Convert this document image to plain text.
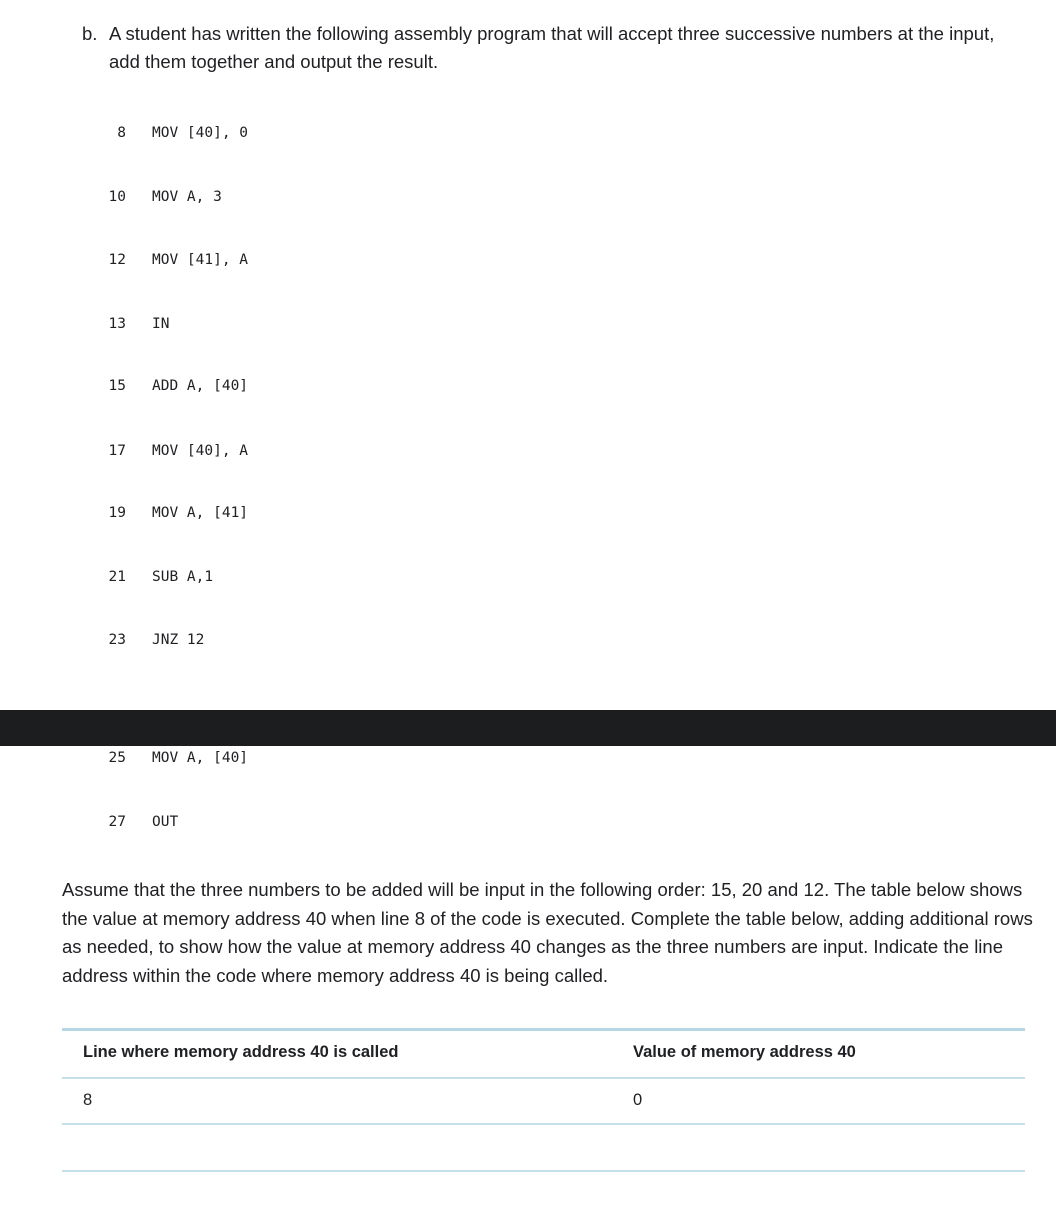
b. A student has written the following assembly program that will accept three successive numbers at the input, add them together and output the result.
8 MOV [40], 0
10 MOV A, 3
12 MOV [41], A
13 IN
15 ADD A, [40]
17 MOV [40], A
19 MOV A, [41]
21 SUB A,1
23 JNZ 12
25 MOV A, [40]
27 OUT
Assume that the three numbers to be added will be input in the following order: 15, 20 and 12. The table below shows the value at memory address 40 when line 8 of the code is executed. Complete the table below, adding additional rows as needed, to show how the value at memory address 40 changes as the three numbers are input. Indicate the line address within the code where memory address 40 is being called.
Line where memory address 40 is called	Value of memory address 40
8	0
